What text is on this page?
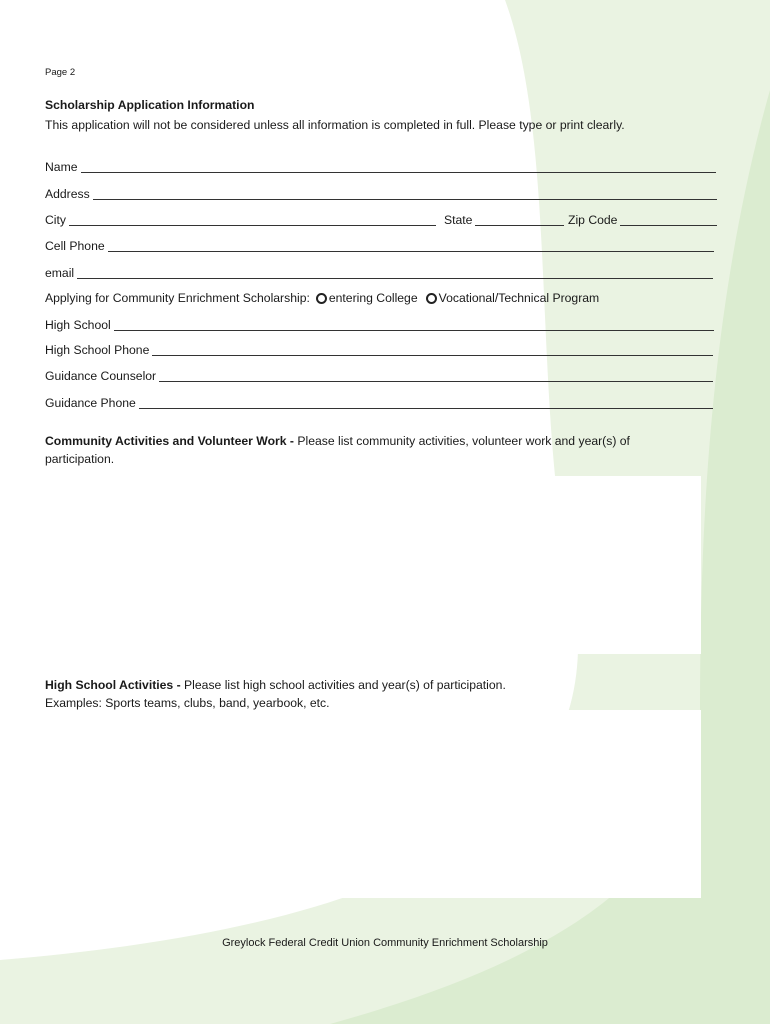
Page 2
Scholarship Application Information
This application will not be considered unless all information is completed in full. Please type or print clearly.
Name
Address
City	State	Zip Code
Cell Phone
email
Applying for Community Enrichment Scholarship: entering College Vocational/Technical Program
High School
High School Phone
Guidance Counselor
Guidance Phone
Community Activities and Volunteer Work - Please list community activities, volunteer work and year(s) of participation.
High School Activities - Please list high school activities and year(s) of participation.
Examples: Sports teams, clubs, band, yearbook, etc.
Greylock Federal Credit Union Community Enrichment Scholarship
